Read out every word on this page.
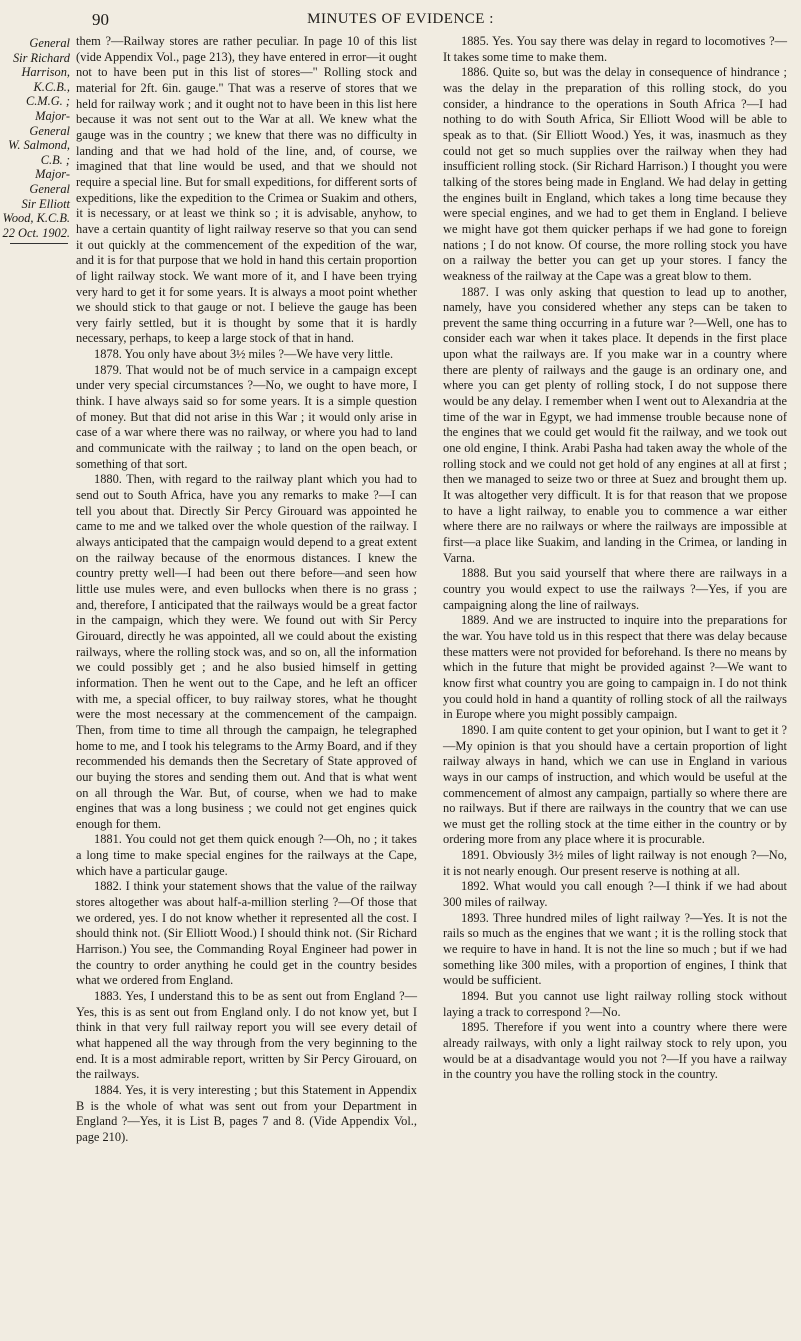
90	MINUTES OF EVIDENCE :
General
Sir Richard
Harrison,
K.C.B.,
C.M.G. ;
Major-
General
W. Salmond,
C.B. ;
Major-
General
Sir Elliott
Wood, K.C.B.
22 Oct. 1902.

them ?—Railway stores are rather peculiar. In page 10 of this list (vide Appendix Vol., page 213), they have entered in error—it ought not to have been put in this list of stores—" Rolling stock and material for 2ft. 6in. gauge." That was a reserve of stores that we held for railway work ; and it ought not to have been in this list here because it was not sent out to the War at all. We knew what the gauge was in the country ; we knew that there was no difficulty in landing and that we had hold of the line, and, of course, we imagined that that line would be used, and that we should not require a special line. But for small expeditions, for different sorts of expeditions, like the expedition to the Crimea or Suakim and others, it is necessary, or at least we think so ; it is advisable, anyhow, to have a certain quantity of light railway reserve so that you can send it out quickly at the commencement of the expedition of the war, and it is for that purpose that we hold in hand this certain proportion of light railway stock. We want more of it, and I have been trying very hard to get it for some years. It is always a moot point whether we should stick to that gauge or not. I believe the gauge has been very fairly settled, but it is thought by some that it is hardly necessary, perhaps, to keep a large stock of that in hand.

1878. You only have about 3½ miles ?—We have very little.

1879. That would not be of much service in a campaign except under very special circumstances ?—No, we ought to have more, I think. I have always said so for some years. It is a simple question of money. But that did not arise in this War ; it would only arise in case of a war where there was no railway, or where you had to land and communicate with the railway ; to land on the open beach, or something of that sort.

1880. Then, with regard to the railway plant which you had to send out to South Africa, have you any remarks to make ?—I can tell you about that. Directly Sir Percy Girouard was appointed he came to me and we talked over the whole question of the railway. I always anticipated that the campaign would depend to a great extent on the railway because of the enormous distances. I knew the country pretty well—I had been out there before—and seen how little use mules were, and even bullocks when there is no grass ; and, therefore, I anticipated that the railways would be a great factor in the campaign, which they were. We found out with Sir Percy Girouard, directly he was appointed, all we could about the existing railways, where the rolling stock was, and so on, all the information we could possibly get ; and he also busied himself in getting information. Then he went out to the Cape, and he left an officer with me, a special officer, to buy railway stores, what he thought were the most necessary at the commencement of the campaign. Then, from time to time all through the campaign, he telegraphed home to me, and I took his telegrams to the Army Board, and if they recommended his demands then the Secretary of State approved of our buying the stores and sending them out. And that is what went on all through the War. But, of course, when we had to make engines that was a long business ; we could not get engines quick enough for them.

1881. You could not get them quick enough ?—Oh, no ; it takes a long time to make special engines for the railways at the Cape, which have a particular gauge.

1882. I think your statement shows that the value of the railway stores altogether was about half-a-million sterling ?—Of those that we ordered, yes. I do not know whether it represented all the cost. I should think not. (Sir Elliott Wood.) I should think not. (Sir Richard Harrison.) You see, the Commanding Royal Engineer had power in the country to order anything he could get in the country besides what we ordered from England.

1883. Yes, I understand this to be as sent out from England ?—Yes, this is as sent out from England only. I do not know yet, but I think in that very full railway report you will see every detail of what happened all the way through from the very beginning to the end. It is a most admirable report, written by Sir Percy Girouard, on the railways.

1884. Yes, it is very interesting ; but this Statement in Appendix B is the whole of what was sent out from your Department in England ?—Yes, it is List B, pages 7 and 8. (Vide Appendix Vol., page 210).

1885. Yes. You say there was delay in regard to locomotives ?—It takes some time to make them.

1886. Quite so, but was the delay in consequence of hindrance ; was the delay in the preparation of this rolling stock, do you consider, a hindrance to the operations in South Africa ?—I had nothing to do with South Africa, Sir Elliott Wood will be able to speak as to that. (Sir Elliott Wood.) Yes, it was, inasmuch as they could not get so much supplies over the railway when they had insufficient rolling stock. (Sir Richard Harrison.) I thought you were talking of the stores being made in England. We had delay in getting the engines built in England, which takes a long time because they were special engines, and we had to get them in England. I believe we might have got them quicker perhaps if we had gone to foreign nations ; I do not know. Of course, the more rolling stock you have on a railway the better you can get up your stores. I fancy the weakness of the railway at the Cape was a great blow to them.

1887. I was only asking that question to lead up to another, namely, have you considered whether any steps can be taken to prevent the same thing occurring in a future war ?—Well, one has to consider each war when it takes place. It depends in the first place upon what the railways are. If you make war in a country where there are plenty of railways and the gauge is an ordinary one, and where you can get plenty of rolling stock, I do not suppose there would be any delay. I remember when I went out to Alexandria at the time of the war in Egypt, we had immense trouble because none of the engines that we could get would fit the railway, and we took out one old engine, I think. Arabi Pasha had taken away the whole of the rolling stock and we could not get hold of any engines at all at first ; then we managed to seize two or three at Suez and brought them up. It was altogether very difficult. It is for that reason that we propose to have a light railway, to enable you to commence a war either where there are no railways or where the railways are impossible at first—a place like Suakim, and landing in the Crimea, or landing in Varna.

1888. But you said yourself that where there are railways in a country you would expect to use the railways ?—Yes, if you are campaigning along the line of railways.

1889. And we are instructed to inquire into the preparations for the war. You have told us in this respect that there was delay because these matters were not provided for beforehand. Is there no means by which in the future that might be provided against ?—We want to know first what country you are going to campaign in. I do not think you could hold in hand a quantity of rolling stock of all the railways in Europe where you might possibly campaign.

1890. I am quite content to get your opinion, but I want to get it ?—My opinion is that you should have a certain proportion of light railway always in hand, which we can use in England in various ways in our camps of instruction, and which would be useful at the commencement of almost any campaign, partially so where there are no railways. But if there are railways in the country that we can use we must get the rolling stock at the time either in the country or by ordering more from any place where it is procurable.

1891. Obviously 3½ miles of light railway is not enough ?—No, it is not nearly enough. Our present reserve is nothing at all.

1892. What would you call enough ?—I think if we had about 300 miles of railway.

1893. Three hundred miles of light railway ?—Yes. It is not the rails so much as the engines that we want ; it is the rolling stock that we require to have in hand. It is not the line so much ; but if we had something like 300 miles, with a proportion of engines, I think that would be sufficient.

1894. But you cannot use light railway rolling stock without laying a track to correspond ?—No.

1895. Therefore if you went into a country where there were already railways, with only a light railway stock to rely upon, you would be at a disadvantage would you not ?—If you have a railway in the country you have the rolling stock in the country.
